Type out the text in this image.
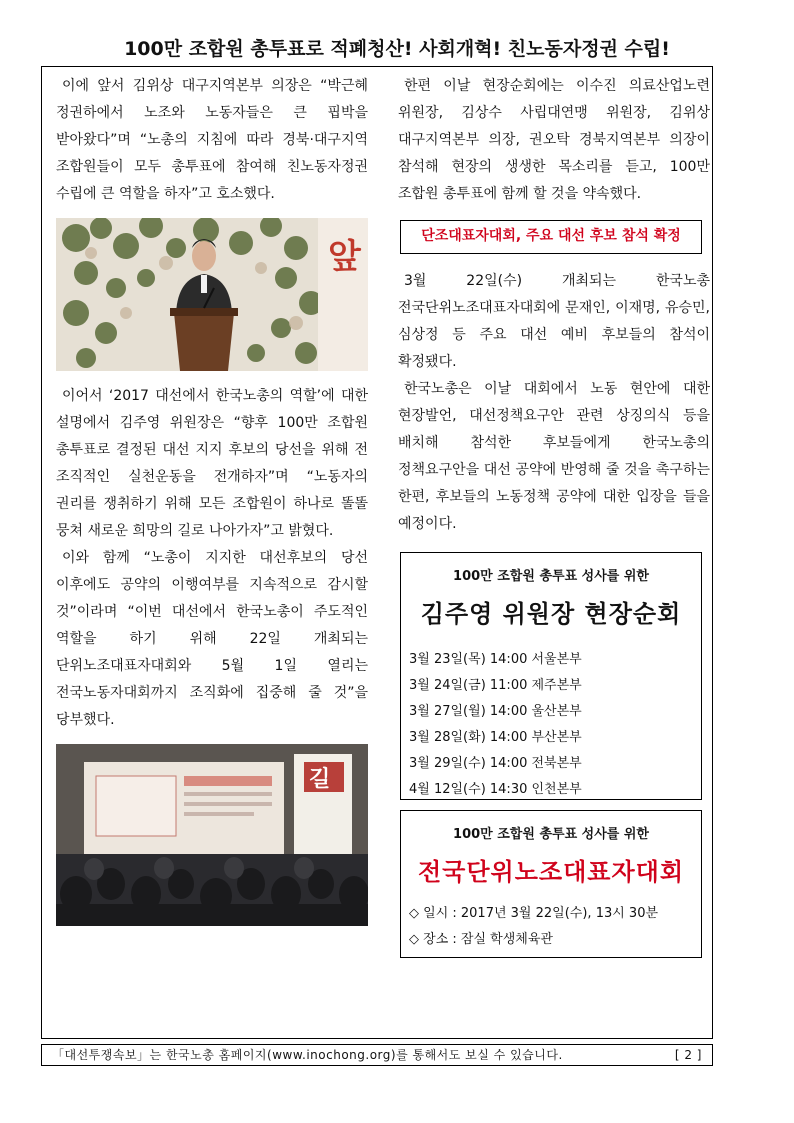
100만 조합원 총투표로 적폐청산! 사회개혁! 친노동자정권 수립!

이에 앞서 김위상 대구지역본부 의장은 “박근혜 정권하에서 노조와 노동자들은 큰 핍박을 받아왔다”며 “노총의 지침에 따라 경북·대구지역 조합원들이 모두 총투표에 참여해 친노동자정권 수립에 큰 역할을 하자”고 호소했다.

앞

이어서 ‘2017 대선에서 한국노총의 역할’에 대한 설명에서 김주영 위원장은 “향후 100만 조합원 총투표로 결정된 대선 지지 후보의 당선을 위해 전 조직적인 실천운동을 전개하자”며 “노동자의 권리를 쟁취하기 위해 모든 조합원이 하나로 똘똘 뭉쳐 새로운 희망의 길로 나아가자”고 밝혔다.

이와 함께 “노총이 지지한 대선후보의 당선 이후에도 공약의 이행여부를 지속적으로 감시할 것”이라며 “이번 대선에서 한국노총이 주도적인 역할을 하기 위해 22일 개최되는 단위노조대표자대회와 5월 1일 열리는 전국노동자대회까지 조직화에 집중해 줄 것”을 당부했다.

길

한편 이날 현장순회에는 이수진 의료산업노련 위원장, 김상수 사립대연맹 위원장, 김위상 대구지역본부 의장, 권오탁 경북지역본부 의장이 참석해 현장의 생생한 목소리를 듣고, 100만 조합원 총투표에 함께 할 것을 약속했다.

단조대표자대회, 주요 대선 후보 참석 확정

3월 22일(수) 개최되는 한국노총 전국단위노조대표자대회에 문재인, 이재명, 유승민, 심상정 등 주요 대선 예비 후보들의 참석이 확정됐다.

한국노총은 이날 대회에서 노동 현안에 대한 현장발언, 대선정책요구안 관련 상징의식 등을 배치해 참석한 후보들에게 한국노총의 정책요구안을 대선 공약에 반영해 줄 것을 촉구하는 한편, 후보들의 노동정책 공약에 대한 입장을 들을 예정이다.

100만 조합원 총투표 성사를 위한
김주영 위원장 현장순회
3월 23일(목) 14:00 서울본부
3월 24일(금) 11:00 제주본부
3월 27일(월) 14:00 울산본부
3월 28일(화) 14:00 부산본부
3월 29일(수) 14:00 전북본부
4월 12일(수) 14:30 인천본부
100만 조합원 총투표 성사를 위한
전국단위노조대표자대회
◇ 일시 : 2017년 3월 22일(수), 13시 30분
◇ 장소 : 잠실 학생체육관
「대선투쟁속보」는 한국노총 홈페이지(www.inochong.org)를 통해서도 보실 수 있습니다.	[ 2 ]
